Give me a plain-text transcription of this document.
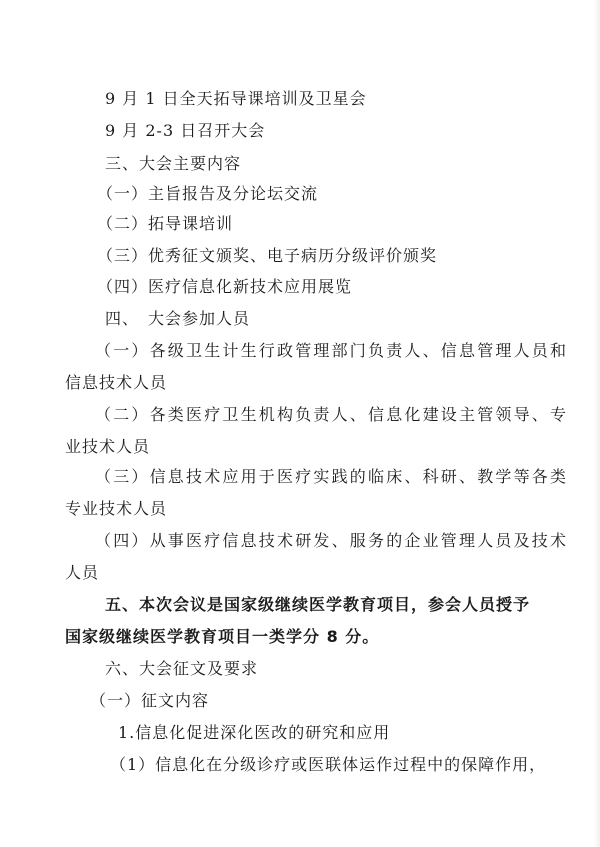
9 月 1 日全天拓导课培训及卫星会
9 月 2-3 日召开大会
三、大会主要内容
（一）主旨报告及分论坛交流
（二）拓导课培训
（三）优秀征文颁奖、电子病历分级评价颁奖
（四）医疗信息化新技术应用展览
四、　大会参加人员
（一）各级卫生计生行政管理部门负责人、信息管理人员和
信息技术人员
（二）各类医疗卫生机构负责人、信息化建设主管领导、专
业技术人员
（三）信息技术应用于医疗实践的临床、科研、教学等各类
专业技术人员
（四）从事医疗信息技术研发、服务的企业管理人员及技术
人员
五、本次会议是国家级继续医学教育项目，参会人员授予
国家级继续医学教育项目一类学分 8 分。
六、大会征文及要求
（一）征文内容
1.信息化促进深化医改的研究和应用
（1）信息化在分级诊疗或医联体运作过程中的保障作用，
